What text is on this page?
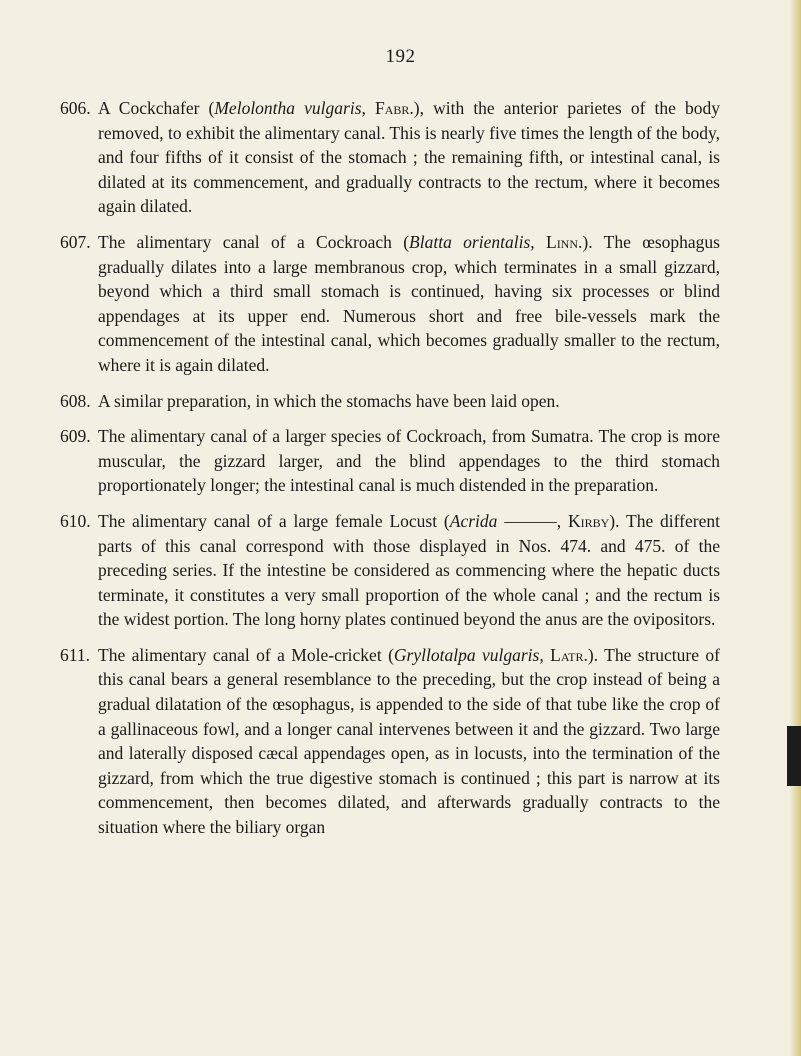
192
606. A Cockchafer (Melolontha vulgaris, Fabr.), with the anterior parietes of the body removed, to exhibit the alimentary canal. This is nearly five times the length of the body, and four fifths of it consist of the stomach ; the remaining fifth, or intestinal canal, is dilated at its commencement, and gradually contracts to the rectum, where it becomes again dilated.

607. The alimentary canal of a Cockroach (Blatta orientalis, Linn.). The œsophagus gradually dilates into a large membranous crop, which terminates in a small gizzard, beyond which a third small stomach is continued, having six processes or blind appendages at its upper end. Numerous short and free bile-vessels mark the commencement of the intestinal canal, which becomes gradually smaller to the rectum, where it is again dilated.

608. A similar preparation, in which the stomachs have been laid open.

609. The alimentary canal of a larger species of Cockroach, from Sumatra. The crop is more muscular, the gizzard larger, and the blind appendages to the third stomach proportionately longer; the intestinal canal is much distended in the preparation.

610. The alimentary canal of a large female Locust (Acrida ———, Kirby). The different parts of this canal correspond with those displayed in Nos. 474. and 475. of the preceding series. If the intestine be considered as commencing where the hepatic ducts terminate, it constitutes a very small proportion of the whole canal ; and the rectum is the widest portion. The long horny plates continued beyond the anus are the ovipositors.

611. The alimentary canal of a Mole-cricket (Gryllotalpa vulgaris, Latr.). The structure of this canal bears a general resemblance to the preceding, but the crop instead of being a gradual dilatation of the œsophagus, is appended to the side of that tube like the crop of a gallinaceous fowl, and a longer canal intervenes between it and the gizzard. Two large and laterally disposed cæcal appendages open, as in locusts, into the termination of the gizzard, from which the true digestive stomach is continued ; this part is narrow at its commencement, then becomes dilated, and afterwards gradually contracts to the situation where the biliary organ
